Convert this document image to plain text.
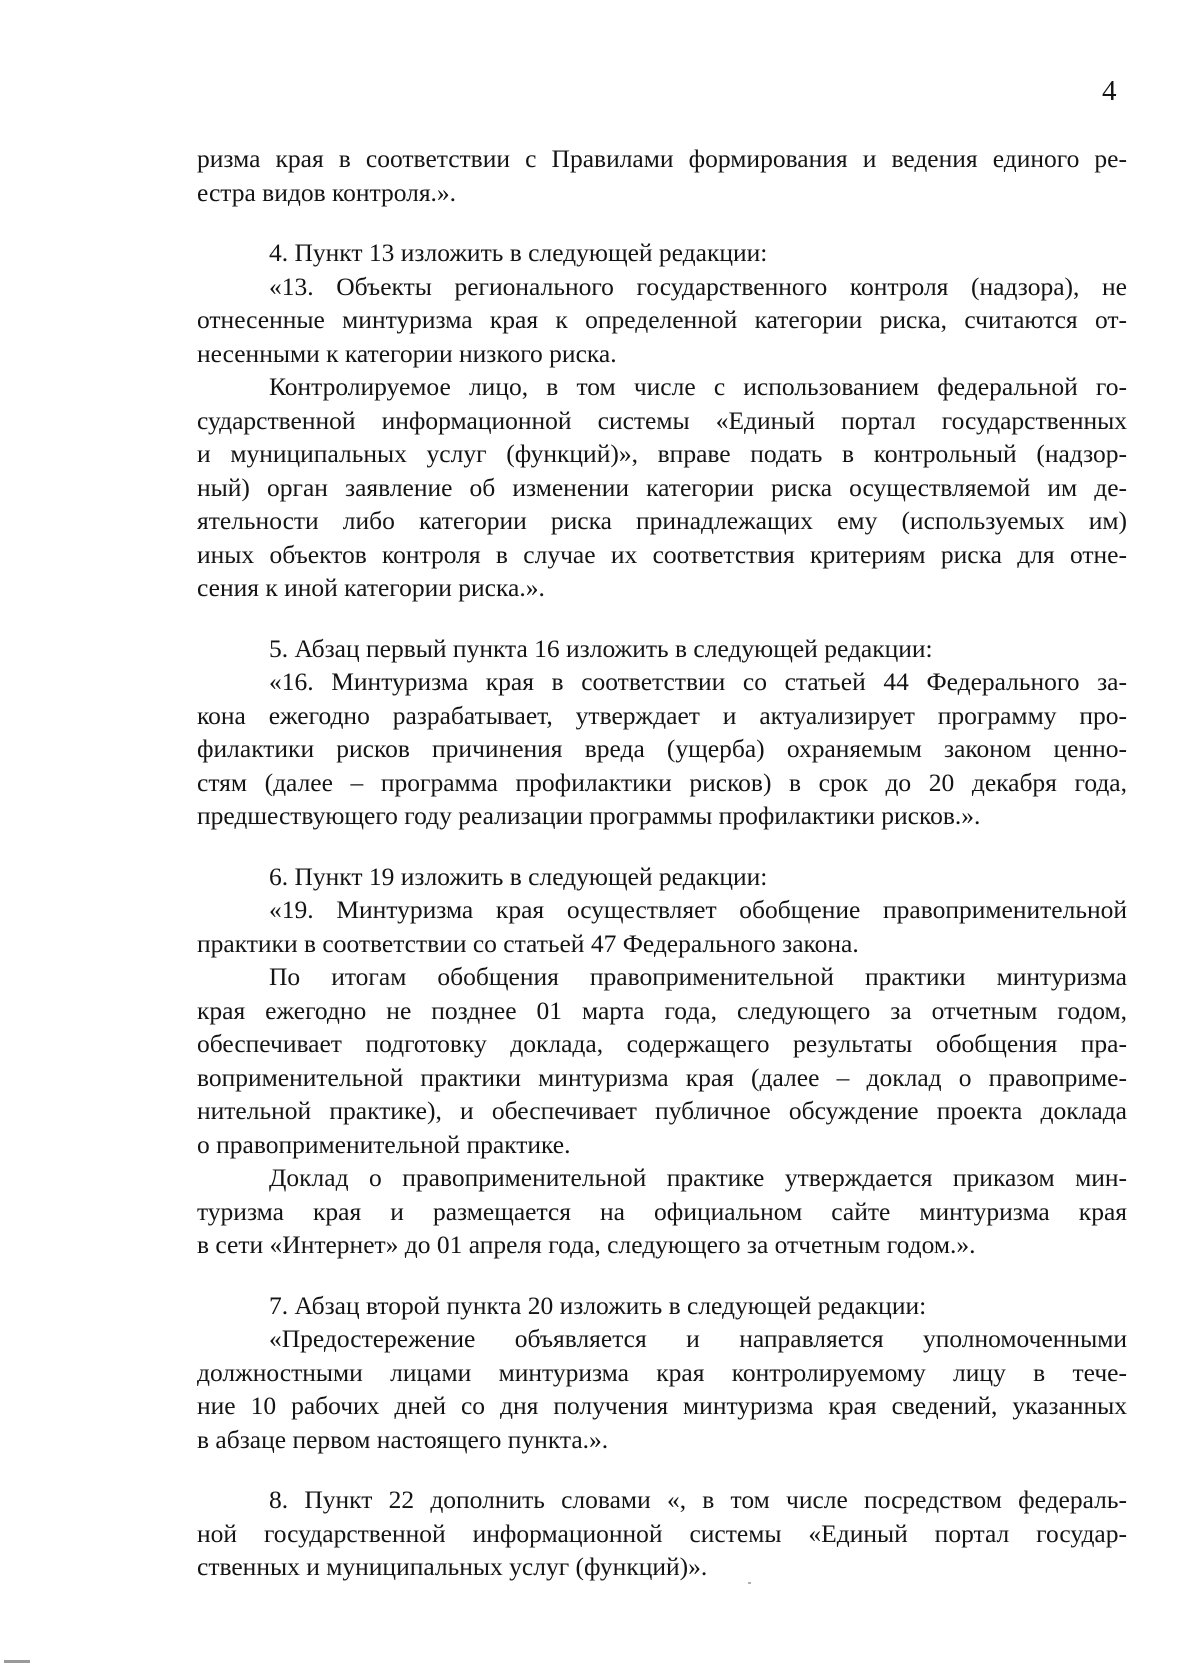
4
ризма края в соответствии с Правилами формирования и ведения единого ре-
естра видов контроля.».
4. Пункт 13 изложить в следующей редакции:
«13. Объекты регионального государственного контроля (надзора), не
отнесенные минтуризма края к определенной категории риска, считаются от-
несенными к категории низкого риска.
Контролируемое лицо, в том числе с использованием федеральной го-
сударственной информационной системы «Единый портал государственных
и муниципальных услуг (функций)», вправе подать в контрольный (надзор-
ный) орган заявление об изменении категории риска осуществляемой им де-
ятельности либо категории риска принадлежащих ему (используемых им)
иных объектов контроля в случае их соответствия критериям риска для отне-
сения к иной категории риска.».
5. Абзац первый пункта 16 изложить в следующей редакции:
«16. Минтуризма края в соответствии со статьей 44 Федерального за-
кона ежегодно разрабатывает, утверждает и актуализирует программу про-
филактики рисков причинения вреда (ущерба) охраняемым законом ценно-
стям (далее – программа профилактики рисков) в срок до 20 декабря года,
предшествующего году реализации программы профилактики рисков.».
6. Пункт 19 изложить в следующей редакции:
«19. Минтуризма края осуществляет обобщение правоприменительной
практики в соответствии со статьей 47 Федерального закона.
По итогам обобщения правоприменительной практики минтуризма
края ежегодно не позднее 01 марта года, следующего за отчетным годом,
обеспечивает подготовку доклада, содержащего результаты обобщения пра-
воприменительной практики минтуризма края (далее – доклад о правоприме-
нительной практике), и обеспечивает публичное обсуждение проекта доклада
о правоприменительной практике.
Доклад о правоприменительной практике утверждается приказом мин-
туризма края и размещается на официальном сайте минтуризма края
в сети «Интернет» до 01 апреля года, следующего за отчетным годом.».
7. Абзац второй пункта 20 изложить в следующей редакции:
«Предостережение объявляется и направляется уполномоченными
должностными лицами минтуризма края контролируемому лицу в тече-
ние 10 рабочих дней со дня получения минтуризма края сведений, указанных
в абзаце первом настоящего пункта.».
8. Пункт 22 дополнить словами «, в том числе посредством федераль-
ной государственной информационной системы «Единый портал государ-
ственных и муниципальных услуг (функций)».
